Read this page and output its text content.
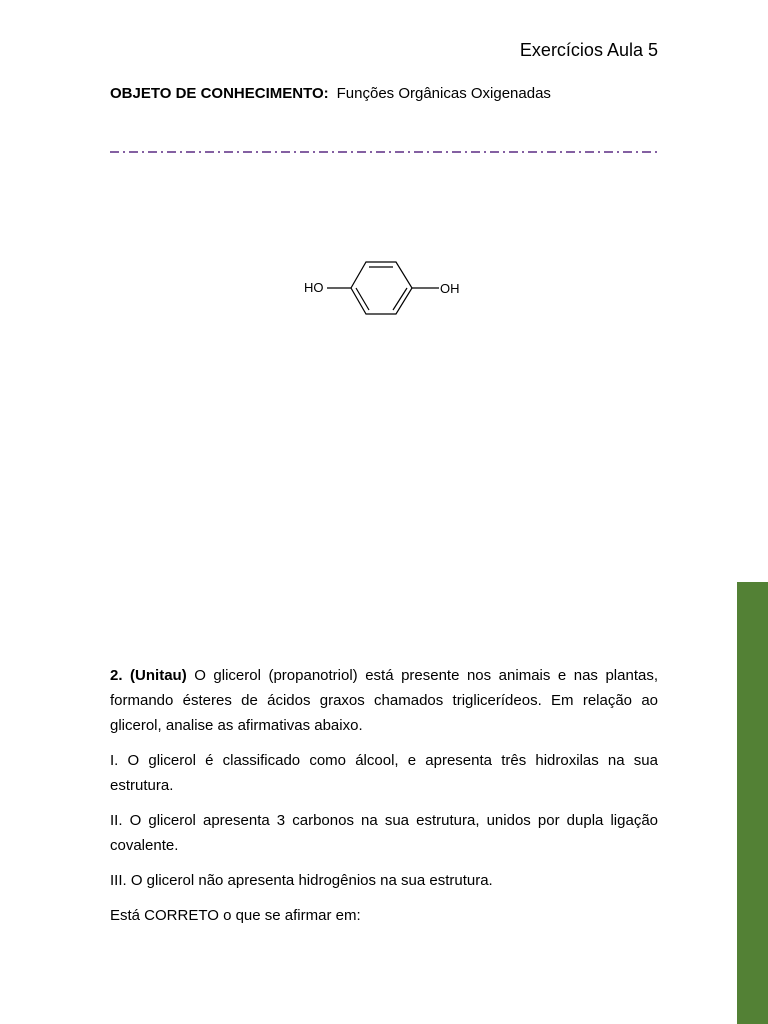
Exercícios Aula 5
OBJETO DE CONHECIMENTO: Funções Orgânicas Oxigenadas
HO	OH

2. (Unitau) O glicerol (propanotriol) está presente nos animais e nas plantas, formando ésteres de ácidos graxos chamados triglicerídeos. Em relação ao glicerol, analise as afirmativas abaixo.

I. O glicerol é classificado como álcool, e apresenta três hidroxilas na sua estrutura.

II. O glicerol apresenta 3 carbonos na sua estrutura, unidos por dupla ligação covalente.

III. O glicerol não apresenta hidrogênios na sua estrutura.

Está CORRETO o que se afirmar em:
